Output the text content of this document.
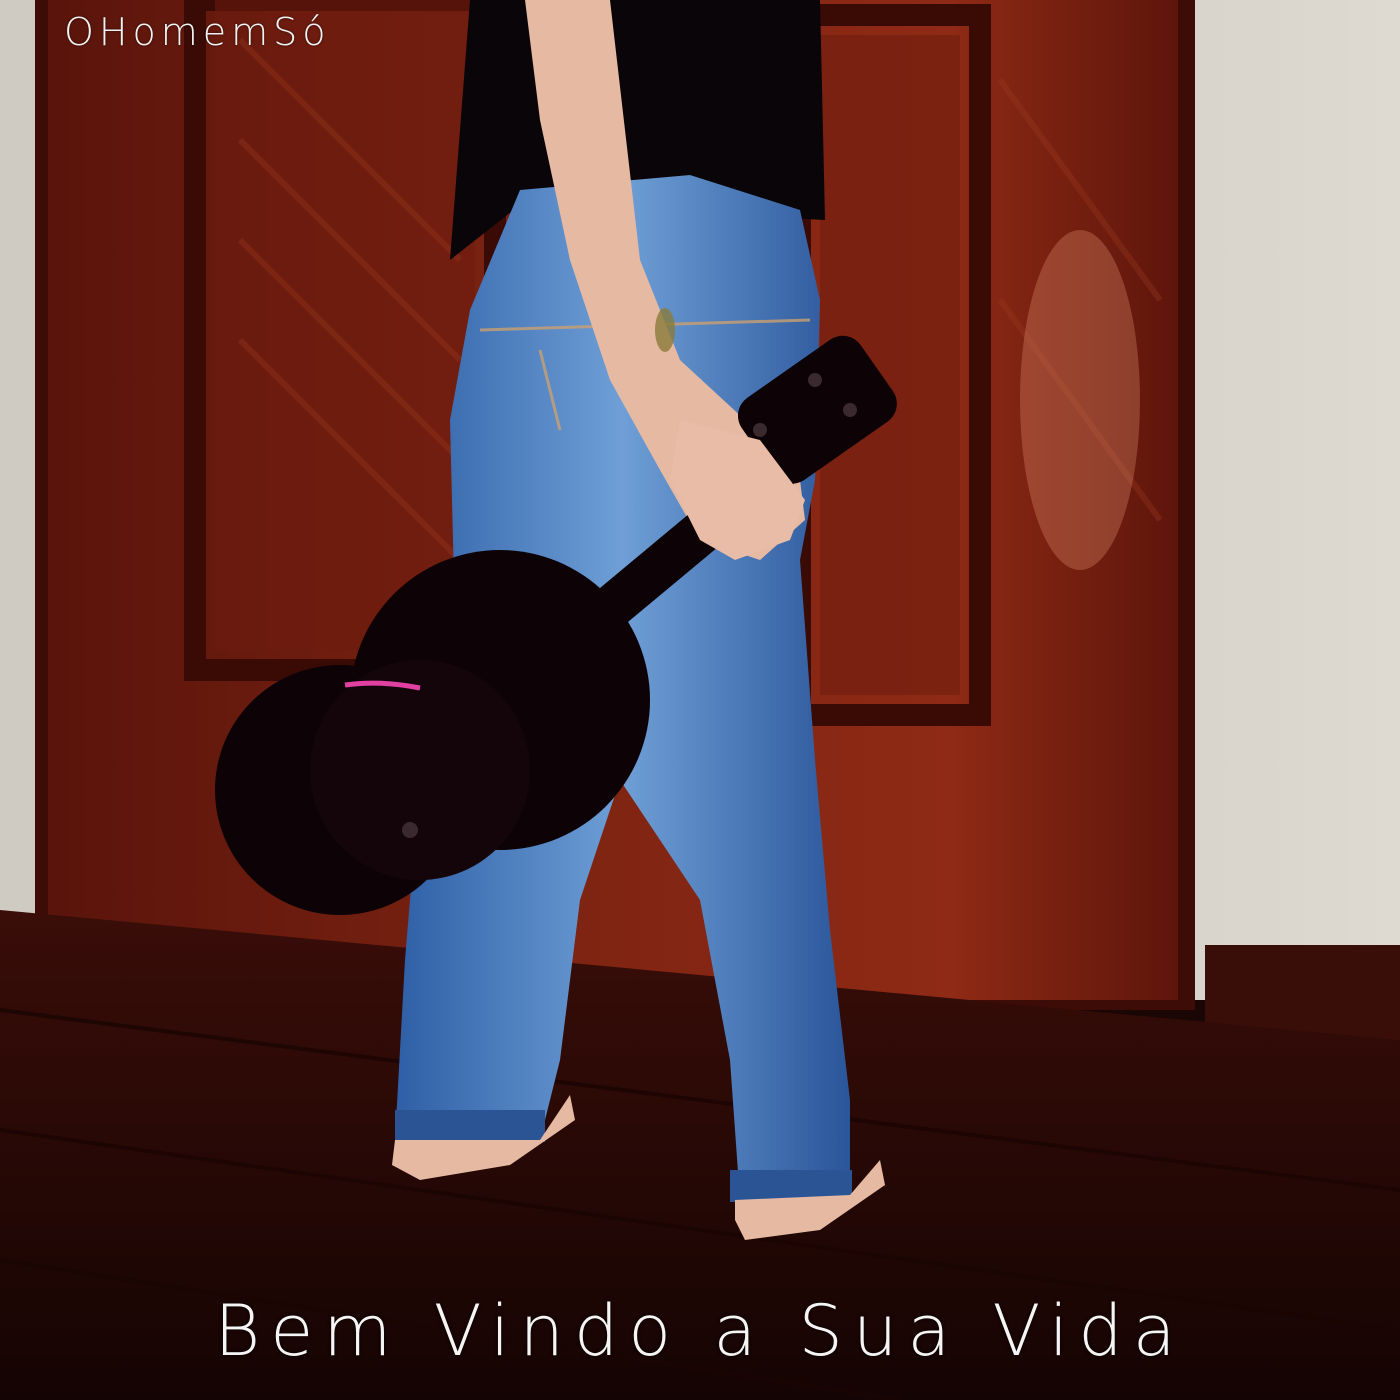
OHomemSó
Bem Vindo a Sua Vida
